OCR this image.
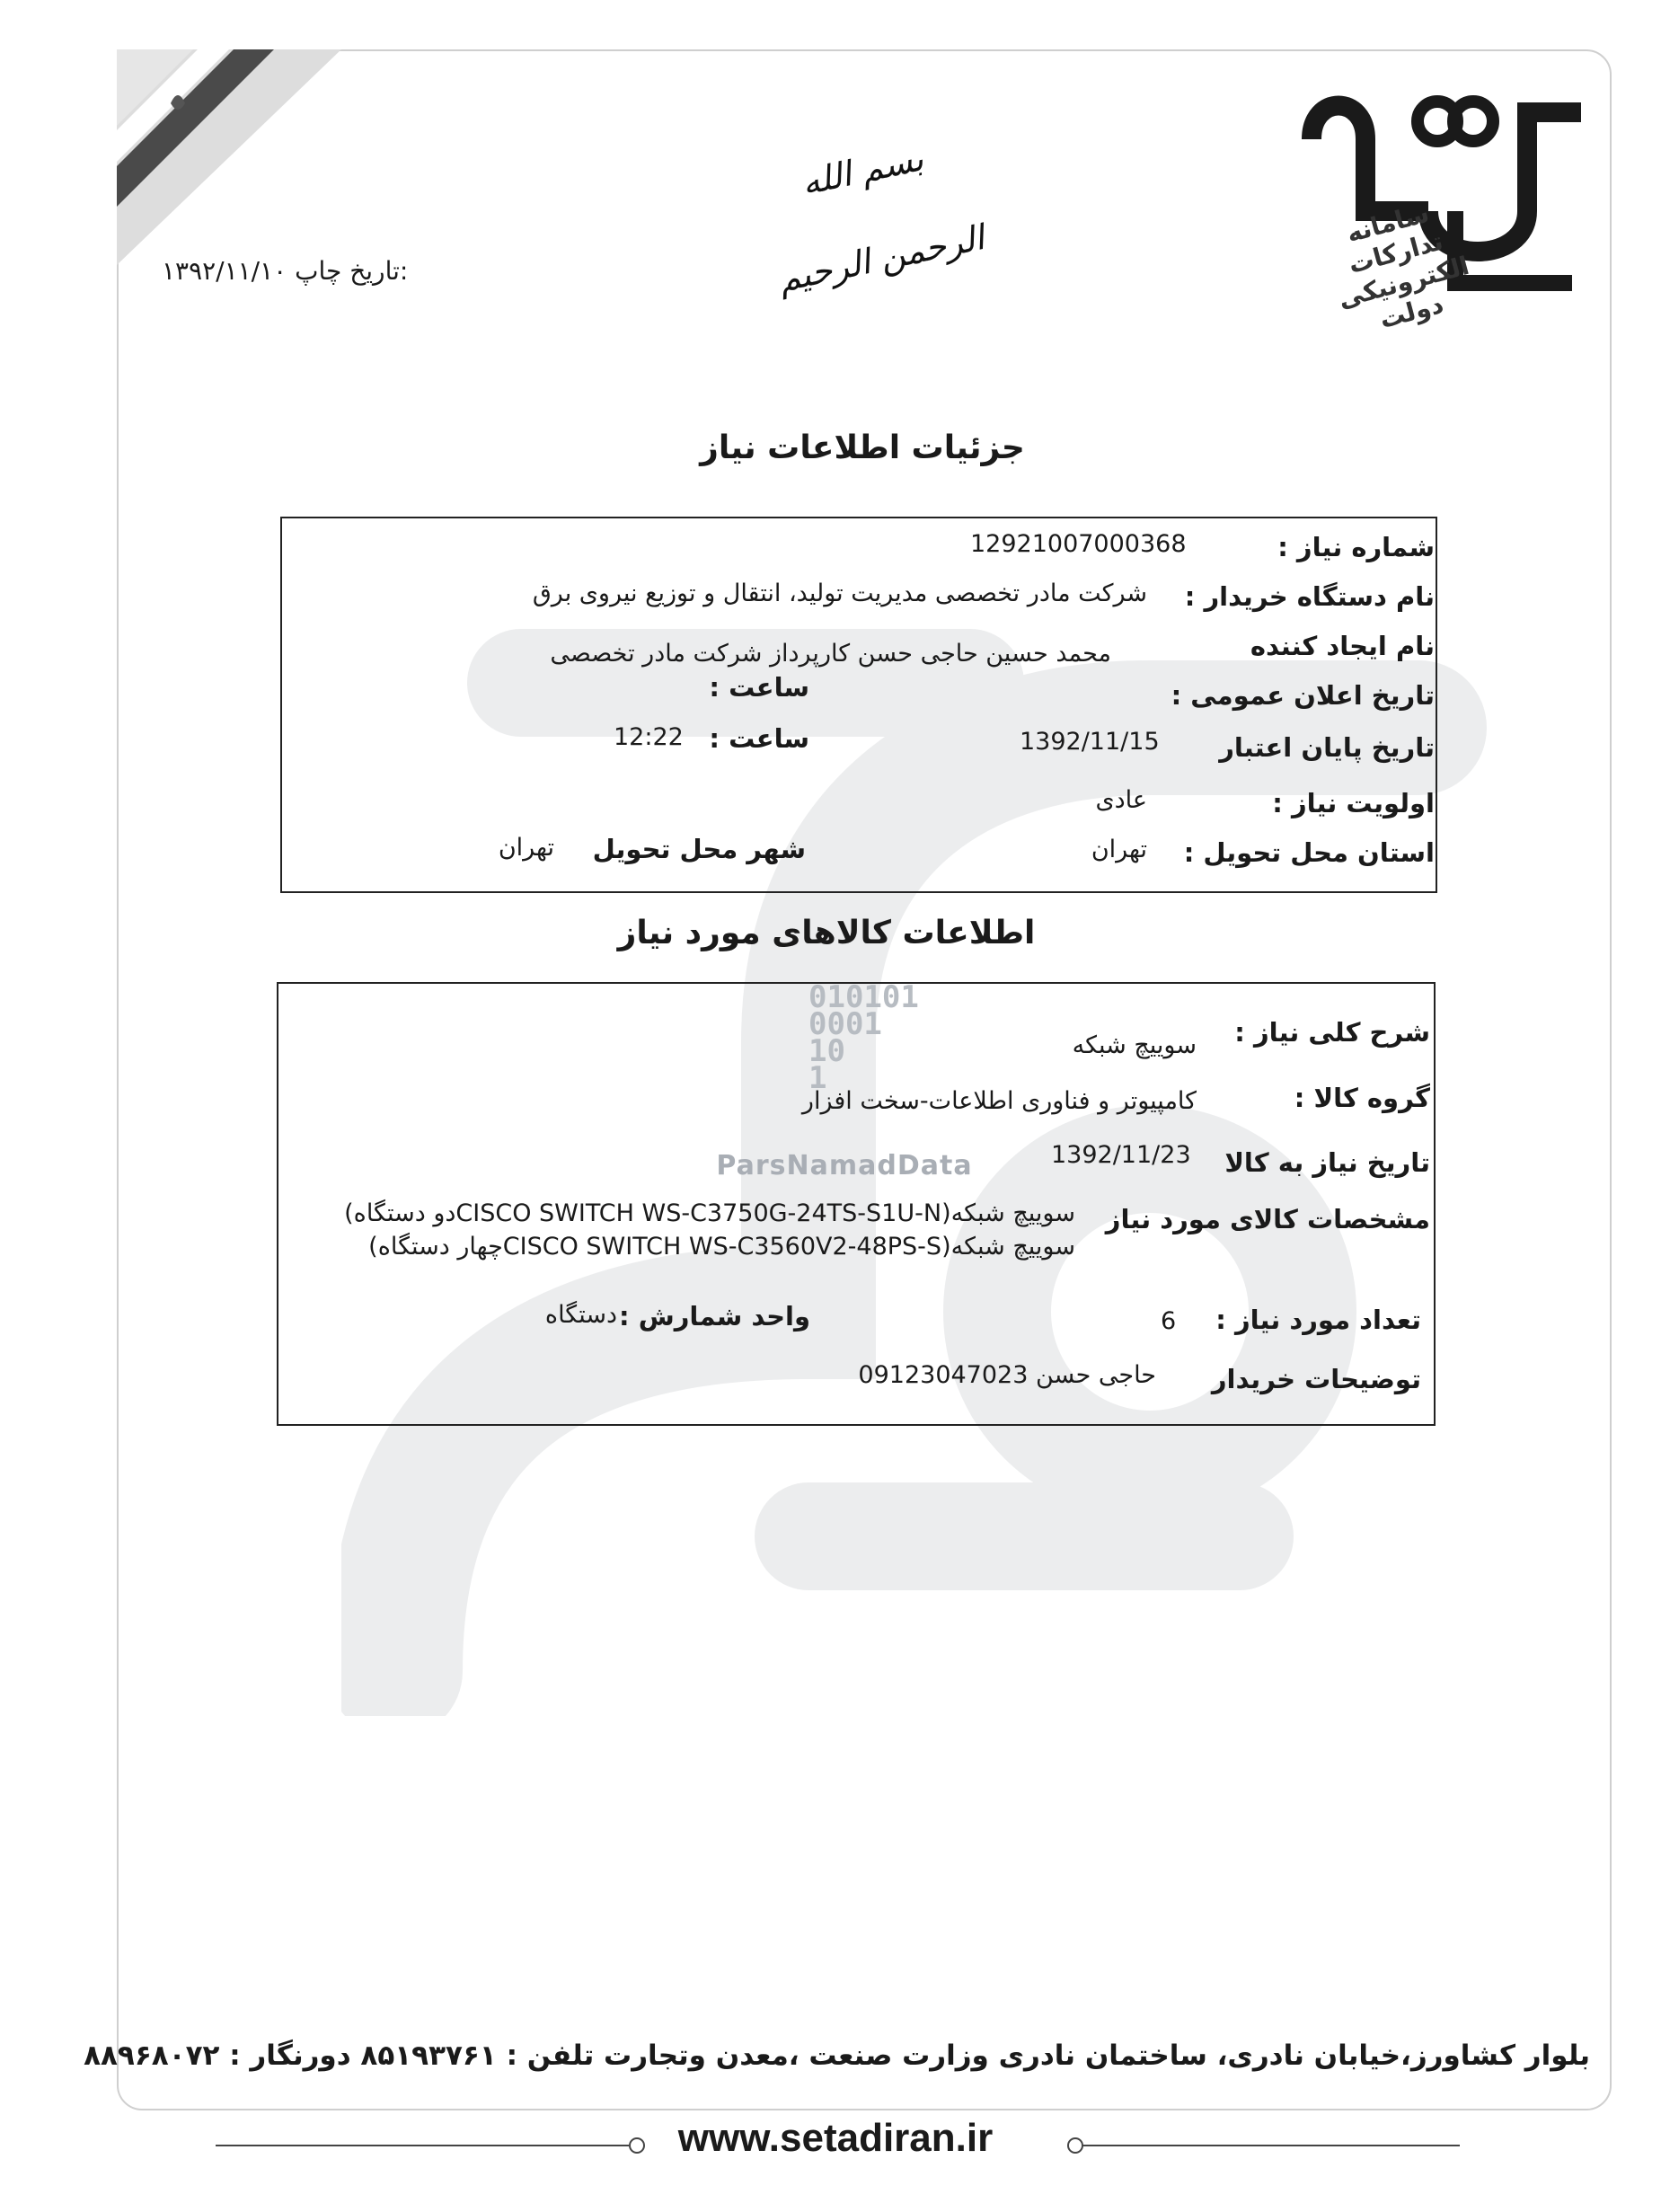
010101
0001
10
1
ParsNamadData
بسم الله الرحمن الرحیم	سامانه تدارکات الکترونیکی دولت
۱۳۹۲/۱۱/۱۰ تاریخ چاپ:
جزئیات اطلاعات نیاز
شماره نیاز :
12921007000368
نام دستگاه خریدار :
شرکت مادر تخصصی مدیریت تولید، انتقال و توزیع نیروی برق
نام ایجاد کننده
محمد حسین حاجی حسن کارپرداز شرکت مادر تخصصی
تاریخ اعلان عمومی :
ساعت :
تاریخ پایان اعتبار
1392/11/15
ساعت :
12:22
اولویت نیاز :
عادی
استان محل تحویل :
تهران
شهر محل تحویل
تهران
اطلاعات کالاهای مورد نیاز
شرح کلی نیاز :
سوییچ شبکه
گروه کالا :
کامپیوتر و فناوری اطلاعات-سخت افزار
تاریخ نیاز به کالا
1392/11/23
مشخصات کالای مورد نیاز
سوییچ شبکه(CISCO SWITCH WS-C3750G-24TS-S1U-Nدو دستگاه)
سوییچ شبکه(CISCO SWITCH WS-C3560V2-48PS-Sچهار دستگاه)
تعداد مورد نیاز :
6
واحد شمارش :
دستگاه
توضیحات خریدار
حاجی حسن 09123047023
بلوار کشاورز،خیابان نادری، ساختمان نادری وزارت صنعت ،معدن وتجارت تلفن : ۸۵۱۹۳۷۶۱ دورنگار : ۸۸۹۶۸۰۷۲
www.setadiran.ir
